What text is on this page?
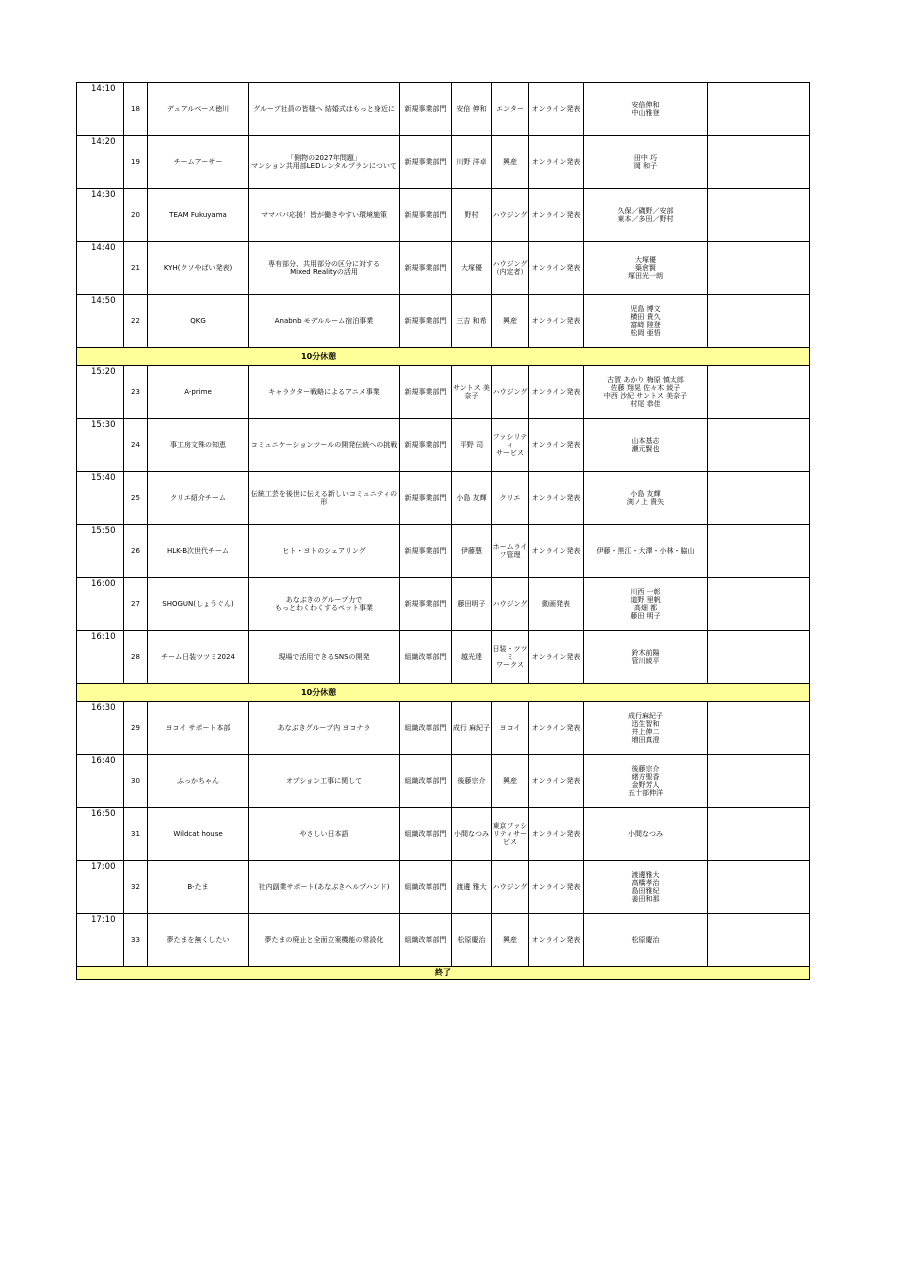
14:10	18	デュアルベース徳川	グループ社員の皆様へ 結婚式はもっと身近に	新規事業部門	安倍 伸和	エンター	オンライン発表	安倍伸和
中山雅登	

14:20	19	チームアーサー	「側物の2027年問題」
マンション共用部LEDレンタルプランについて	新規事業部門	川野 洋卓	興産	オンライン発表	田中 巧
岡 和子	

14:30	20	TEAM Fukuyama	ママパパ応援！皆が働きやすい環境施策	新規事業部門	野村	ハウジング	オンライン発表	久保／磯野／安部
東本／多田／野村	

14:40	21	KYH(クソやばい発表)	専有部分、共用部分の区分に対する
Mixed Realityの活用	新規事業部門	大塚優	ハウジング
（内定者）	オンライン発表	大塚優
築倉賢
塚田光一朗	

14:50	22	QKG	Anabnb モデルルーム宿泊事業	新規事業部門	三吉 和希	興産	オンライン発表	児島 博文
横田 貴久
富﨑 陸登
松岡 亜悟	

10分休憩									

15:20	23	A-prime	キャラクター戦略によるアニメ事業	新規事業部門	サントス 美奈子	ハウジング	オンライン発表	古賀 あかり 梅原 慎太郎
佐藤 翔晃 佐々木 綾子
中西 沙紀 サントス 美奈子
村尾 恭佳	

15:30	24	事工房文殊の知恵	コミュニケーションツールの開発伝統への挑戦	新規事業部門	平野 司	ファシリティ
サービス	オンライン発表	山本基志
瀬元賢也	

15:40	25	クリエ紹介チーム	伝統工芸を後世に伝える新しいコミュニティの形	新規事業部門	小島 友輝	クリエ	オンライン発表	小島 友輝
渕ノ上 貴矢	

15:50	26	HLK-B次世代チーム	ヒト・ヨトのシェアリング	新規事業部門	伊藤慧	ホームライ
フ管理	オンライン発表	伊藤・黒江・大澤・小林・脇山	

16:00	27	SHOGUN(しょうぐん)	あなぶきのグループ力で
もっとわくわくするペット事業	新規事業部門	藤田明子	ハウジング	動画発表	川西 一彰
道野 里帆
高畑 都
藤田 明子	

16:10	28	チーム日装ツツミ2024	現場で活用できるSNSの開発	組織改革部門	越光達	日装・ツツミ
ワークス	オンライン発表	鈴木前陽
管川綾平	

10分休憩									

16:30	29	ヨコイ サポート本部	あなぶきグループ内 ヨコナラ	組織改革部門	成行 麻紀子	ヨコイ	オンライン発表	成行麻紀子
迅生智和
井上伸二
増田真澄	

16:40	30	ふっかちゃん	オプション工事に関して	組織改革部門	後藤宗介	興産	オンライン発表	後藤宗介
緒方聖香
金野芳人
五十部伸洋	

16:50	31	Wildcat house	やさしい日本語	組織改革部門	小間なつみ	東京ファシ
リティサー
ビス	オンライン発表	小間なつみ	

17:00	32	B-たま	社内副業サポート(あなぶきヘルプハンド)	組織改革部門	渡邊 雅大	ハウジング	オンライン発表	渡邊雅大
高橋孝治
島田雅紀
姜田和那	

17:10	33	夢たまを無くしたい	夢たまの廃止と全面立案機能の常設化	組織改革部門	松原慶治	興産	オンライン発表	松原慶治	

終了									
